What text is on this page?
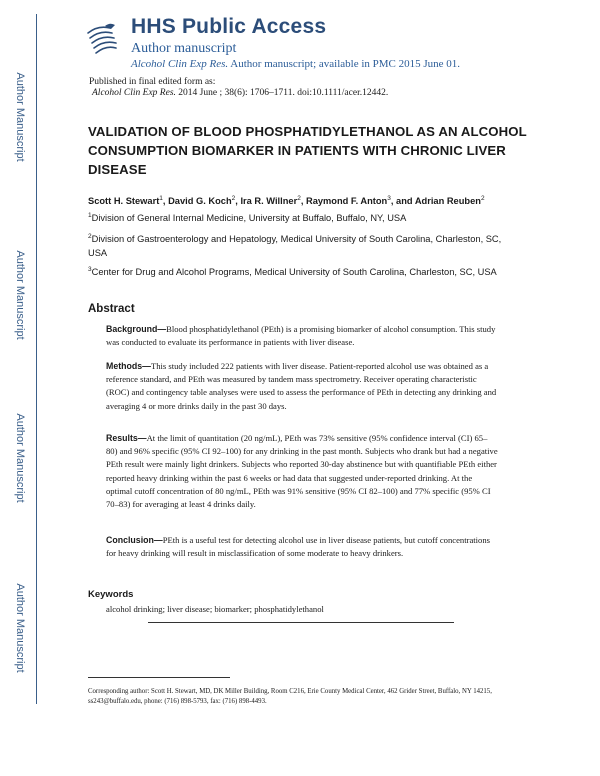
Author Manuscript
Author Manuscript
Author Manuscript
Author Manuscript
HHS Public Access
Author manuscript
Alcohol Clin Exp Res. Author manuscript; available in PMC 2015 June 01.
Published in final edited form as:
Alcohol Clin Exp Res. 2014 June ; 38(6): 1706–1711. doi:10.1111/acer.12442.
VALIDATION OF BLOOD PHOSPHATIDYLETHANOL AS AN ALCOHOL CONSUMPTION BIOMARKER IN PATIENTS WITH CHRONIC LIVER DISEASE
Scott H. Stewart$^1$, David G. Koch$^2$, Ira R. Willner$^2$, Raymond F. Anton$^3$, and Adrian Reuben$^2$
$^1$Division of General Internal Medicine, University at Buffalo, Buffalo, NY, USA
$^2$Division of Gastroenterology and Hepatology, Medical University of South Carolina, Charleston, SC, USA
$^3$Center for Drug and Alcohol Programs, Medical University of South Carolina, Charleston, SC, USA
Abstract
Background—Blood phosphatidylethanol (PEth) is a promising biomarker of alcohol consumption. This study was conducted to evaluate its performance in patients with liver disease.
Methods—This study included 222 patients with liver disease. Patient-reported alcohol use was obtained as a reference standard, and PEth was measured by tandem mass spectrometry. Receiver operating characteristic (ROC) and contingency table analyses were used to assess the performance of PEth in detecting any drinking and averaging 4 or more drinks daily in the past 30 days.
Results—At the limit of quantitation (20 ng/mL), PEth was 73% sensitive (95% confidence interval (CI) 65–80) and 96% specific (95% CI 92–100) for any drinking in the past month. Subjects who drank but had a negative PEth result were mainly light drinkers. Subjects who reported 30-day abstinence but with quantifiable PEth either reported heavy drinking within the past 6 weeks or had data that suggested under-reported drinking. At the optimal cutoff concentration of 80 ng/mL, PEth was 91% sensitive (95% CI 82–100) and 77% specific (95% CI 70–83) for averaging at least 4 drinks daily.
Conclusion—PEth is a useful test for detecting alcohol use in liver disease patients, but cutoff concentrations for heavy drinking will result in misclassification of some moderate to heavy drinkers.
Keywords
alcohol drinking; liver disease; biomarker; phosphatidylethanol
Corresponding author: Scott H. Stewart, MD, DK Miller Building, Room C216, Erie County Medical Center, 462 Grider Street, Buffalo, NY 14215, ss243@buffalo.edu, phone: (716) 898-5793, fax: (716) 898-4493.
